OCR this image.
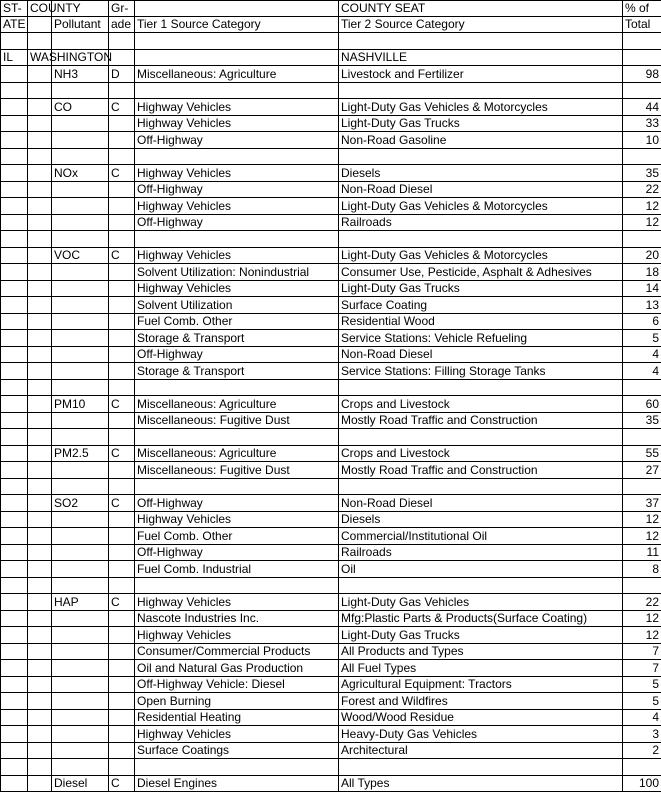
ST-	COUNTY		Gr-		COUNTY SEAT	% of
ATE		Pollutant	ade	Tier 1 Source Category	Tier 2 Source Category	Total

IL	WASHINGTON				NASHVILLE	
		NH3	D	Miscellaneous: Agriculture	Livestock and Fertilizer	98

		CO	C	Highway Vehicles	Light-Duty Gas Vehicles & Motorcycles	44
				Highway Vehicles	Light-Duty Gas Trucks	33
				Off-Highway	Non-Road Gasoline	10

		NOx	C	Highway Vehicles	Diesels	35
				Off-Highway	Non-Road Diesel	22
				Highway Vehicles	Light-Duty Gas Vehicles & Motorcycles	12
				Off-Highway	Railroads	12

		VOC	C	Highway Vehicles	Light-Duty Gas Vehicles & Motorcycles	20
				Solvent Utilization: Nonindustrial	Consumer Use, Pesticide, Asphalt & Adhesives	18
				Highway Vehicles	Light-Duty Gas Trucks	14
				Solvent Utilization	Surface Coating	13
				Fuel Comb. Other	Residential Wood	6
				Storage & Transport	Service Stations: Vehicle Refueling	5
				Off-Highway	Non-Road Diesel	4
				Storage & Transport	Service Stations: Filling Storage Tanks	4

		PM10	C	Miscellaneous: Agriculture	Crops and Livestock	60
				Miscellaneous: Fugitive Dust	Mostly Road Traffic and Construction	35

		PM2.5	C	Miscellaneous: Agriculture	Crops and Livestock	55
				Miscellaneous: Fugitive Dust	Mostly Road Traffic and Construction	27

		SO2	C	Off-Highway	Non-Road Diesel	37
				Highway Vehicles	Diesels	12
				Fuel Comb. Other	Commercial/Institutional Oil	12
				Off-Highway	Railroads	11
				Fuel Comb. Industrial	Oil	8

		HAP	C	Highway Vehicles	Light-Duty Gas Vehicles	22
				Nascote Industries Inc.	Mfg:Plastic Parts & Products(Surface Coating)	12
				Highway Vehicles	Light-Duty Gas Trucks	12
				Consumer/Commercial Products	All Products and Types	7
				Oil and Natural Gas Production	All Fuel Types	7
				Off-Highway Vehicle: Diesel	Agricultural Equipment: Tractors	5
				Open Burning	Forest and Wildfires	5
				Residential Heating	Wood/Wood Residue	4
				Highway Vehicles	Heavy-Duty Gas Vehicles	3
				Surface Coatings	Architectural	2

		Diesel	C	Diesel Engines	All Types	100
